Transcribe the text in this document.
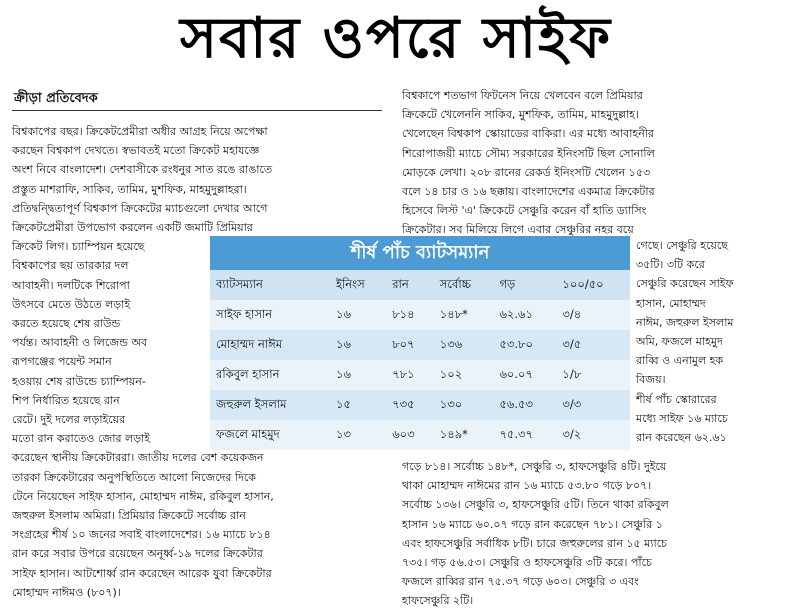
সবার ওপরে সাইফ
ক্রীড়া প্রতিবেদক
বিশ্বকাপের বছর। ক্রিকেটপ্রেমীরা অধীর আগ্রহ নিয়ে অপেক্ষা
করছেন বিশ্বকাপ দেখতে। স্বভাবতই মতো ক্রিকেট মহাযজ্ঞে
অংশ নিবে বাংলাদেশ। দেশবাসীকে রংধনুর সাত রঙে রাঙাতে
প্রস্তুত মাশরাফি, সাকিব, তামিম, মুশফিক, মাহমুদুল্লাহরা।
প্রতিদ্বন্দ্বিতাপূর্ণ বিশ্বকাপ ক্রিকেটের ম্যাচগুলো দেখার আগে
ক্রিকেটপ্রেমীরা উপভোগ করলেন একটি জমাটি প্রিমিয়ার
ক্রিকেট লিগ। চ্যাম্পিয়ন হয়েছে
বিশ্বকাপের ছয় তারকার দল
আবাহনী। দলটিকে শিরোপা
উৎসবে মেতে উঠতে লড়াই
করতে হয়েছে শেষ রাউন্ড
পর্যন্ত। আবাহনী ও লিজেন্ড অব
রূপগঞ্জের পয়েন্ট সমান
হওয়ায় শেষ রাউন্ডে চ্যাম্পিয়ন-
শিপ নির্ধারিত হয়েছে রান
রেটে। দুই দলের লড়াইয়ের
মতো রান করাতেও জোর লড়াই
করেছেন স্থানীয় ক্রিকেটাররা। জাতীয় দলের বেশ কয়েকজন
তারকা ক্রিকেটারের অনুপস্থিতিতে আলো নিজেদের দিকে
টেনে নিয়েছেন সাইফ হাসান, মোহাম্মদ নাঈম, রকিবুল হাসান,
জহুরুল ইসলাম অমিরা। প্রিমিয়ার ক্রিকেটে সর্বোচ্চ রান
সংগ্রহের শীর্ষ ১০ জনের সবাই বাংলাদেশের। ১৬ ম্যাচে ৮১৪
রান করে সবার উপরে রয়েছেন অনূর্ধ্ব-১৯ দলের ক্রিকেটার
সাইফ হাসান। আটশোর্ধ্ব রান করেছেন আরেক যুবা ক্রিকেটার
মোহাম্মদ নাঈমও (৮০৭)।
বিশ্বকাপে শতভাগ ফিটনেস নিয়ে খেলবেন বলে প্রিমিয়ার
ক্রিকেটে খেলেননি সাকিব, মুশফিক, তামিম, মাহমুদুল্লাহ।
খেলেছেন বিশ্বকাপ স্কোয়াডের বাকিরা। এর মধ্যে আবাহনীর
শিরোপাজয়ী ম্যাচে সৌম্য সরকারের ইনিংসটি ছিল সোনালি
মোড়কে লেখা। ২০৮ রানের রেকর্ড ইনিংসটি খেলেন ১৫৩
বলে ১৪ চার ও ১৬ ছক্কায়। বাংলাদেশের একমাত্র ক্রিকেটার
হিসেবে লিস্ট 'এ' ক্রিকেটে সেঞ্চুরি করেন বাঁ হাতি ড্যাসিং
ক্রিকেটার। সব মিলিয়ে লিগে এবার সেঞ্চুরির নহর বয়ে
গেছে। সেঞ্চুরি হয়েছে
৩৫টি। ৩টি করে
সেঞ্চুরি করেছেন সাইফ
হাসান, মোহাম্মদ
নাঈম, জহুরুল ইসলাম
অমি, ফজলে মাহমুদ
রাব্বি ও এনামুল হক
বিজয়।
শীর্ষ পাঁচ স্কোরারের
মধ্যে সাইফ ১৬ ম্যাচে
রান করেছেন ৬২.৬১
গড়ে ৮১৪। সর্বোচ্চ ১৪৮*, সেঞ্চুরি ৩, হাফসেঞ্চুরি ৪টি। দুইয়ে
থাকা মোহাম্মদ নাঈমের রান ১৬ ম্যাচে ৫৩.৮০ গড়ে ৮০৭।
সর্বোচ্চ ১৩৬। সেঞ্চুরি ৩, হাফসেঞ্চুরি ৫টি। তিনে থাকা রকিবুল
হাসান ১৬ ম্যাচে ৬০.০৭ গড়ে রান করেছেন ৭৮১। সেঞ্চুরি ১
এবং হাফসেঞ্চুরি সর্বাধিক ৮টি। চারে জহুরুলের রান ১৫ ম্যাচে
৭৩৫। গড় ৫৬.৫৩। সেঞ্চুরি ও হাফসেঞ্চুরি ৩টি করে। পাঁচে
ফজলে রাব্বির রান ৭৫.৩৭ গড়ে ৬০৩। সেঞ্চুরি ৩ এবং
হাফসেঞ্চুরি ২টি।
শীর্ষ পাঁচ ব্যাটসম্যান
ব্যাটসম্যান	ইনিংস	রান	সর্বোচ্চ	গড়	১০০/৫০
সাইফ হাসান	১৬	৮১৪	১৪৮*	৬২.৬১	৩/৪
মোহাম্মদ নাঈম	১৬	৮০৭	১৩৬	৫৩.৮০	৩/৫
রকিবুল হাসান	১৬	৭৮১	১০২	৬০.০৭	১/৮
জহুরুল ইসলাম	১৫	৭৩৫	১৩০	৫৬.৫৩	৩/৩
ফজলে মাহমুদ	১৩	৬০৩	১৪৯*	৭৫.৩৭	৩/২
